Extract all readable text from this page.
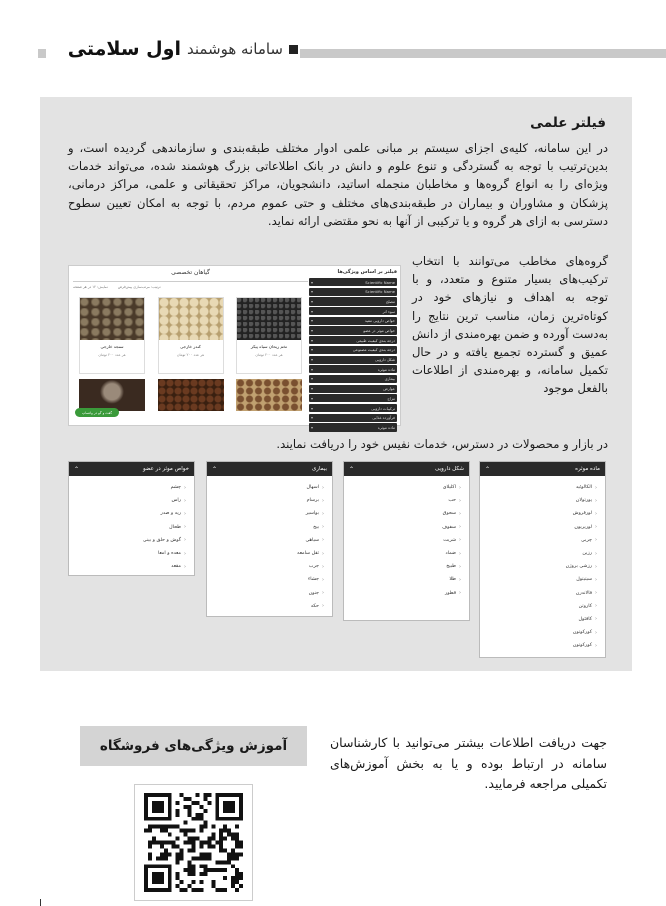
سامانه هوشمند
اول سلامتی
فیلتر علمی
در این سامانه، کلیه‌ی اجزای سیستم بر مبانی علمی ادوار مختلف طبقه‌بندی و سازماندهی گردیده است، و بدین‌ترتیب با توجه به گستردگی و تنوع علوم و دانش در بانک اطلاعاتی بزرگ هوشمند شده، می‌تواند خدمات ویژه‌ای را به انواع گروه‌ها و مخاطبان منجمله اساتید، دانشجویان، مراکز تحقیقاتی و علمی، مراکز درمانی، پزشکان و مشاوران و بیماران در طبقه‌بندی‌های مختلف و حتی عموم مردم، با توجه به امکان تعیین سطوح دسترسی به ازای هر گروه و یا ترکیبی از آنها به نحو مقتضی ارائه نماید.
گروه‌های مخاطب می‌توانند با انتخاب ترکیب‌های بسیار متنوع و متعدد، و با توجه به اهداف و نیازهای خود در کوتاه‌ترین زمان، مناسب ترین نتایج را به‌دست آورده و ضمن بهره‌مندی از دانش عمیق و گسترده تجمیع یافته و در حال تکمیل سامانه، و بهره‌مندی از اطلاعات بالفعل موجود
در بازار و محصولات در دسترس، خدمات نفیس خود را دریافت نمایند.
فیلتر بر اساس ویژگی‌ها
▾	Scientific Name
▾	Scientific Name
▾	مصلح
▾	سوء اثر
▾	خواص دارویی مفید
▾	خواص موثر در عضو
▾	درجه بندی کیفیت طبیعی
▾	درجه بندی کیفیت مصنوعی
▾	شکل دارویی
▾	ماده موثره
▾	بیماری
▾	عوارض
▾	مزاج
▾	ترکیبات دارویی
▾	فرآورده غذایی
▾	ماده موثره
گیاهان تخصصی
ترتیب: مرتب‌سازی پیش‌فرض
نمایش: ۱۲ در هر صفحه
سنجد خارجی
هر عدد ۲۰۰ تومان
کندر خارجی
هر عدد ۲۰۰ تومان
تخم ریحان سیاه پیکر
هر عدد ۲۰۰ تومان
گفت و گو در واتساپ
ماده موثره
⌃
‹ الکالوئید
‹ پورتولان
‹ لورفروش
‹ لوریریون
‹ چربی
‹ رزین
‹ رزشی بروژن
‹ سیتیتول
‹ فالاندرن
‹ کاروتن
‹ کافئول
‹ کورکوتون
‹ کورکوتون
شکل دارویی
⌃
‹ اکلیلای
‹ حب
‹ سحوق
‹ سفوف
‹ شربت
‹ ضماد
‹ طبیخ
‹ طلا
‹ قطور
بیماری
⌃
‹ اسهال
‹ برسام
‹ بواسیر
‹ بیخ
‹ سیاهی
‹ ثقل سامعه
‹ جرب
‹ جشاء
‹ جنون
‹ حکه
خواص موثر در عضو
⌃
‹ چشم
‹ راس
‹ ریه و صدر
‹ طحال
‹ گوش و حلق و بینی
‹ معده و امعا
‹ مقعد
جهت دریافت اطلاعات بیشتر می‌توانید با کارشناسان سامانه در ارتباط بوده و یا به بخش آموزش‌های تکمیلی مراجعه فرمایید.
آموزش ویژگی‌های فروشگاه
